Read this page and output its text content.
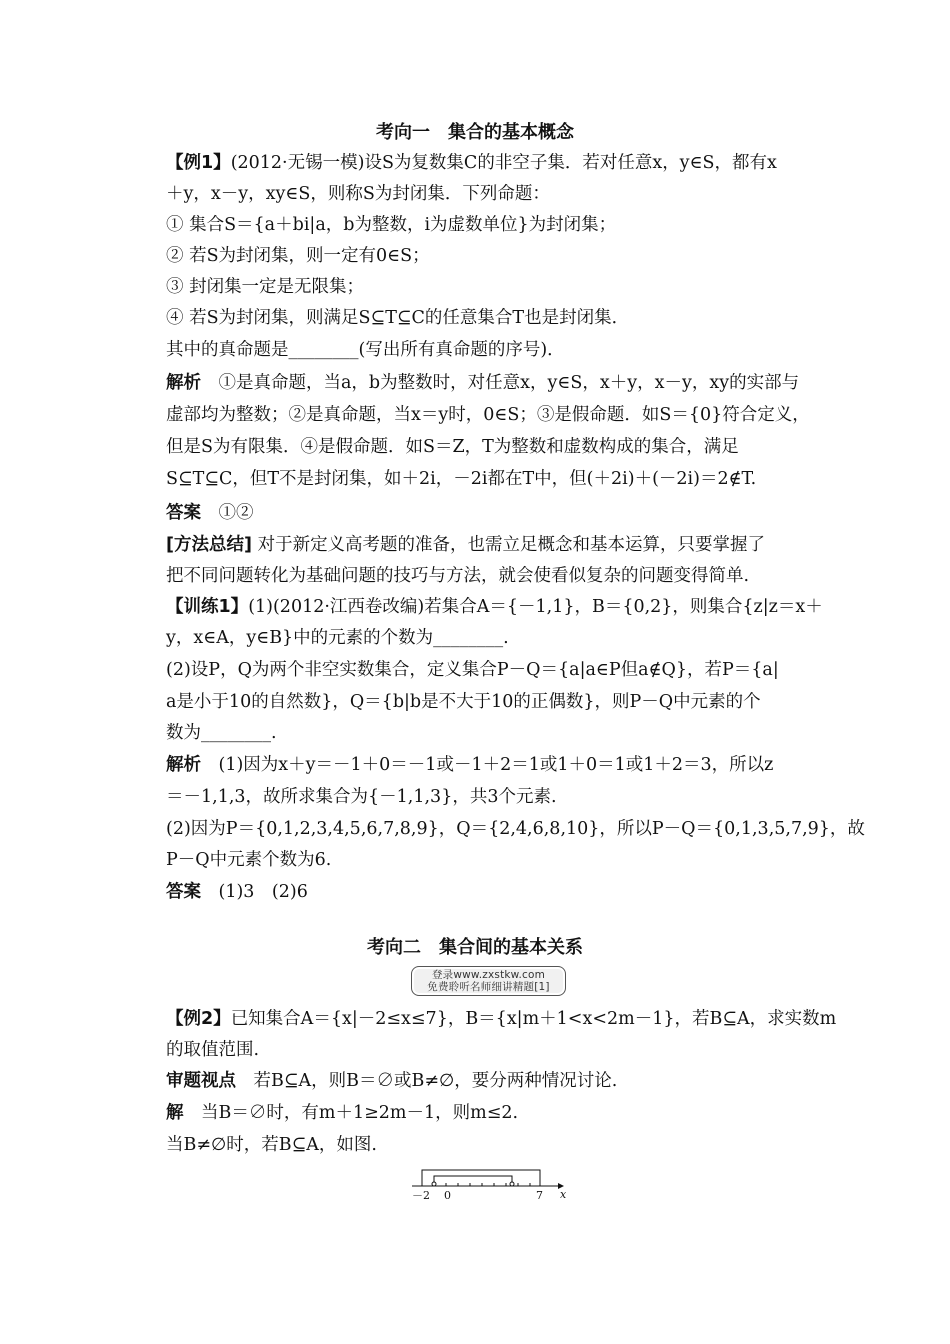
考向一　集合的基本概念
【例1】(2012·无锡一模)设S为复数集C的非空子集．若对任意x，y∈S，都有x
＋y，x－y，xy∈S，则称S为封闭集．下列命题：
① 集合S＝{a＋bi|a，b为整数，i为虚数单位}为封闭集；
② 若S为封闭集，则一定有0∈S；
③ 封闭集一定是无限集；
④ 若S为封闭集，则满足S⊆T⊆C的任意集合T也是封闭集．
其中的真命题是________(写出所有真命题的序号)．
解析　①是真命题，当a，b为整数时，对任意x，y∈S，x＋y，x－y，xy的实部与
虚部均为整数；②是真命题，当x＝y时，0∈S；③是假命题．如S＝{0}符合定义，
但是S为有限集．④是假命题．如S＝Z，T为整数和虚数构成的集合，满足
S⊆T⊆C，但T不是封闭集，如＋2i，－2i都在T中，但(＋2i)＋(－2i)＝2∉T.
答案　①②
[方法总结] 对于新定义高考题的准备，也需立足概念和基本运算，只要掌握了
把不同问题转化为基础问题的技巧与方法，就会使看似复杂的问题变得简单.
【训练1】(1)(2012·江西卷改编)若集合A＝{－1,1}，B＝{0,2}，则集合{z|z＝x＋
y，x∈A，y∈B}中的元素的个数为________.
(2)设P，Q为两个非空实数集合，定义集合P－Q＝{a|a∈P但a∉Q}，若P＝{a|
a是小于10的自然数}，Q＝{b|b是不大于10的正偶数}，则P－Q中元素的个
数为________.
解析　(1)因为x＋y＝－1＋0＝－1或－1＋2＝1或1＋0＝1或1＋2＝3，所以z
＝－1,1,3，故所求集合为{－1,1,3}，共3个元素.
(2)因为P＝{0,1,2,3,4,5,6,7,8,9}，Q＝{2,4,6,8,10}，所以P－Q＝{0,1,3,5,7,9}，故
P－Q中元素个数为6.
答案　(1)3　(2)6
考向二　集合间的基本关系
登录www.zxstkw.com
免费聆听名师细讲精题[1]
【例2】已知集合A＝{x|－2≤x≤7}，B＝{x|m＋1<x<2m－1}，若B⊆A，求实数m
的取值范围.
审题视点　若B⊆A，则B＝∅或B≠∅，要分两种情况讨论.
解　当B＝∅时，有m＋1≥2m－1，则m≤2.
当B≠∅时，若B⊆A，如图.
－2 0	7 x
